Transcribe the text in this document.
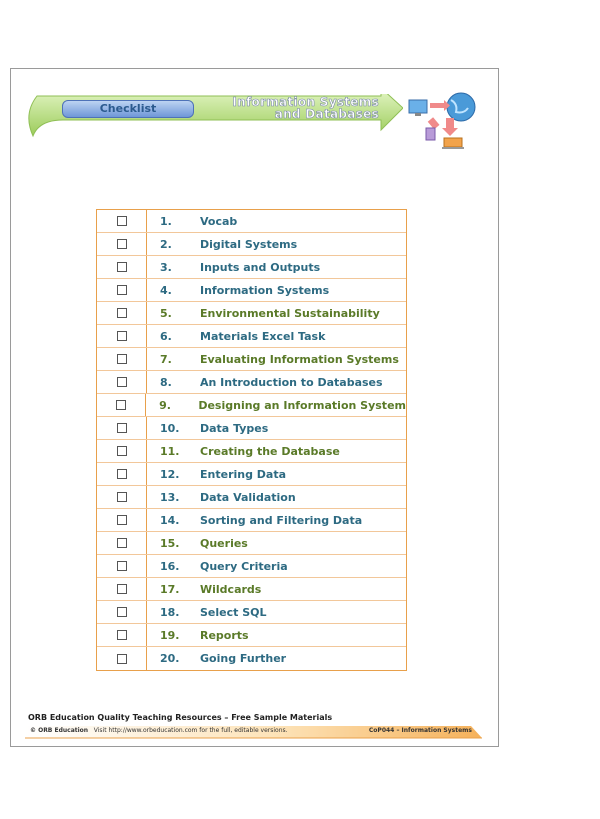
Checklist	Information Systems
and Databases
1.	Vocab
2.	Digital Systems
3.	Inputs and Outputs
4.	Information Systems
5.	Environmental Sustainability
6.	Materials Excel Task
7.	Evaluating Information Systems
8.	An Introduction to Databases
9.	Designing an Information System
10.	Data Types
11.	Creating the Database
12.	Entering Data
13.	Data Validation
14.	Sorting and Filtering Data
15.	Queries
16.	Query Criteria
17.	Wildcards
18.	Select SQL
19.	Reports
20.	Going Further
ORB Education Quality Teaching Resources – Free Sample Materials
© ORB Education Visit http://www.orbeducation.com for the full, editable versions.	CoP044 – Information Systems
